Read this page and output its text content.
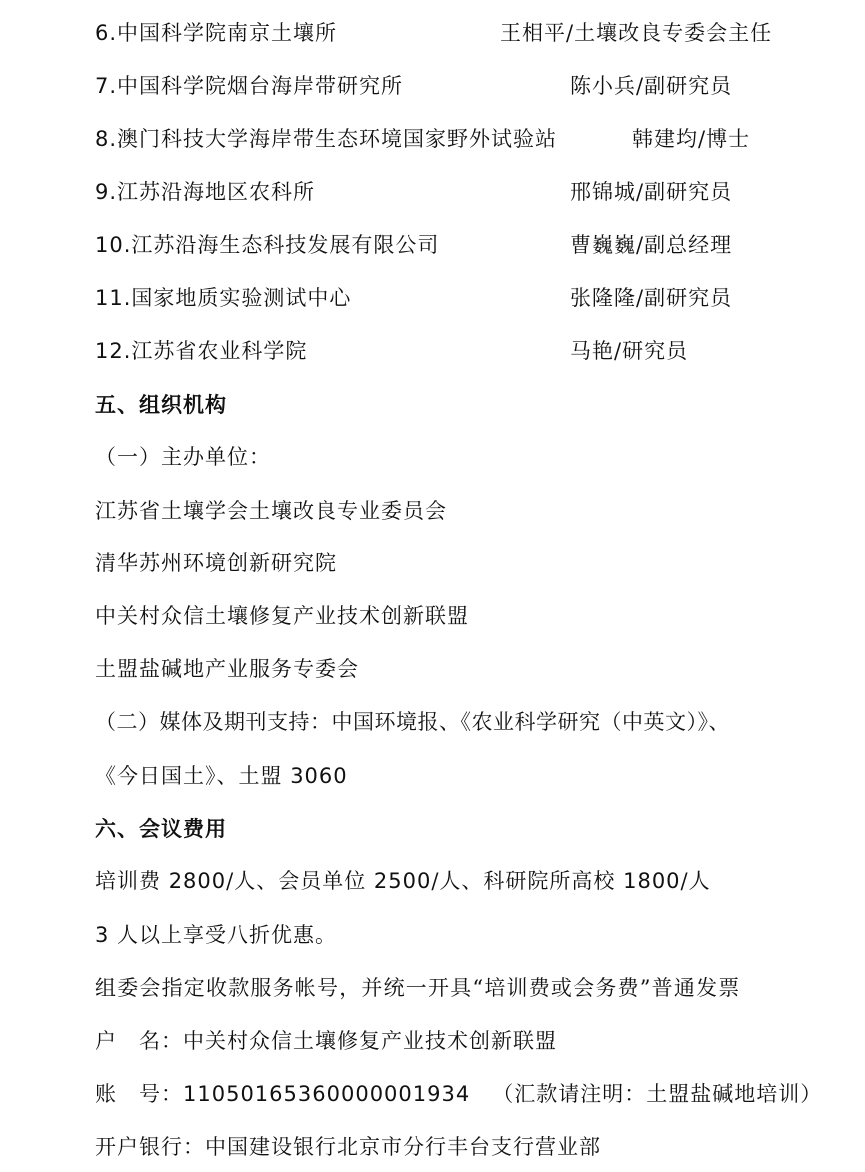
6.中国科学院南京土壤所	王相平/土壤改良专委会主任
7.中国科学院烟台海岸带研究所	陈小兵/副研究员
8.澳门科技大学海岸带生态环境国家野外试验站	韩建均/博士
9.江苏沿海地区农科所	邢锦城/副研究员
10.江苏沿海生态科技发展有限公司	曹巍巍/副总经理
11.国家地质实验测试中心	张隆隆/副研究员
12.江苏省农业科学院	马艳/研究员
五、组织机构
（一）主办单位：
江苏省土壤学会土壤改良专业委员会
清华苏州环境创新研究院
中关村众信土壤修复产业技术创新联盟
土盟盐碱地产业服务专委会
（二）媒体及期刊支持：中国环境报、《农业科学研究（中英文）》、
《今日国土》、土盟 3060
六、会议费用
培训费 2800/人、会员单位 2500/人、科研院所高校 1800/人
3 人以上享受八折优惠。
组委会指定收款服务帐号，并统一开具“培训费或会务费”普通发票
户　名：中关村众信土壤修复产业技术创新联盟
账　号：11050165360000001934 （汇款请注明：土盟盐碱地培训）
开户银行：中国建设银行北京市分行丰台支行营业部
